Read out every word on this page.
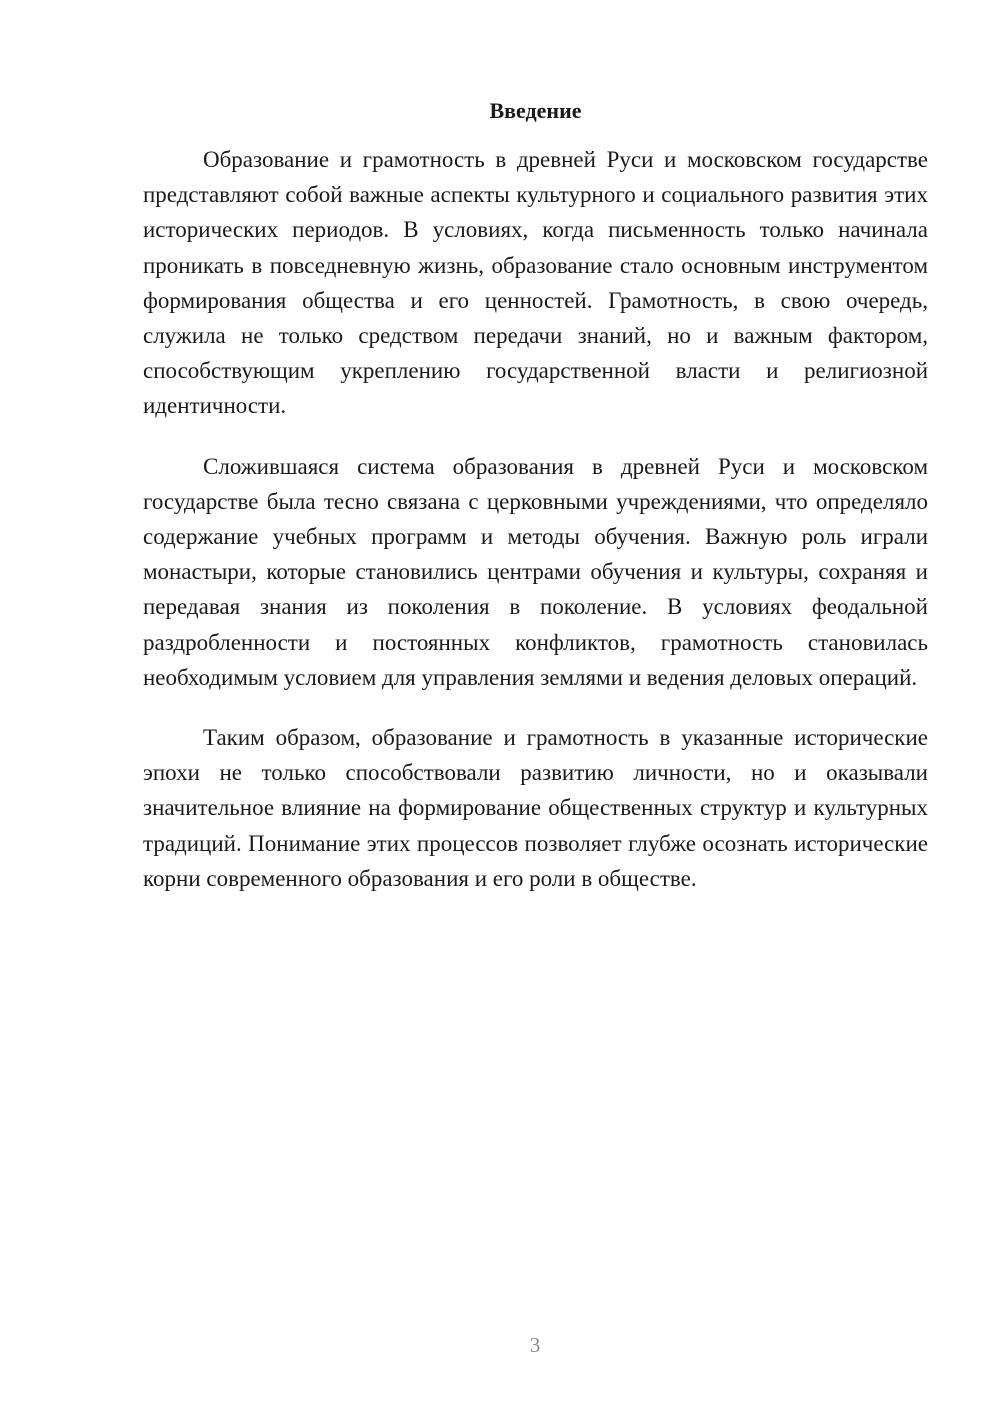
Введение

Образование и грамотность в древней Руси и московском государстве представляют собой важные аспекты культурного и социального развития этих исторических периодов. В условиях, когда письменность только начинала проникать в повседневную жизнь, образование стало основным инструментом формирования общества и его ценностей. Грамотность, в свою очередь, служила не только средством передачи знаний, но и важным фактором, способствующим укреплению государственной власти и религиозной идентичности.

Сложившаяся система образования в древней Руси и московском государстве была тесно связана с церковными учреждениями, что определяло содержание учебных программ и методы обучения. Важную роль играли монастыри, которые становились центрами обучения и культуры, сохраняя и передавая знания из поколения в поколение. В условиях феодальной раздробленности и постоянных конфликтов, грамотность становилась необходимым условием для управления землями и ведения деловых операций.

Таким образом, образование и грамотность в указанные исторические эпохи не только способствовали развитию личности, но и оказывали значительное влияние на формирование общественных структур и культурных традиций. Понимание этих процессов позволяет глубже осознать исторические корни современного образования и его роли в обществе.

3
